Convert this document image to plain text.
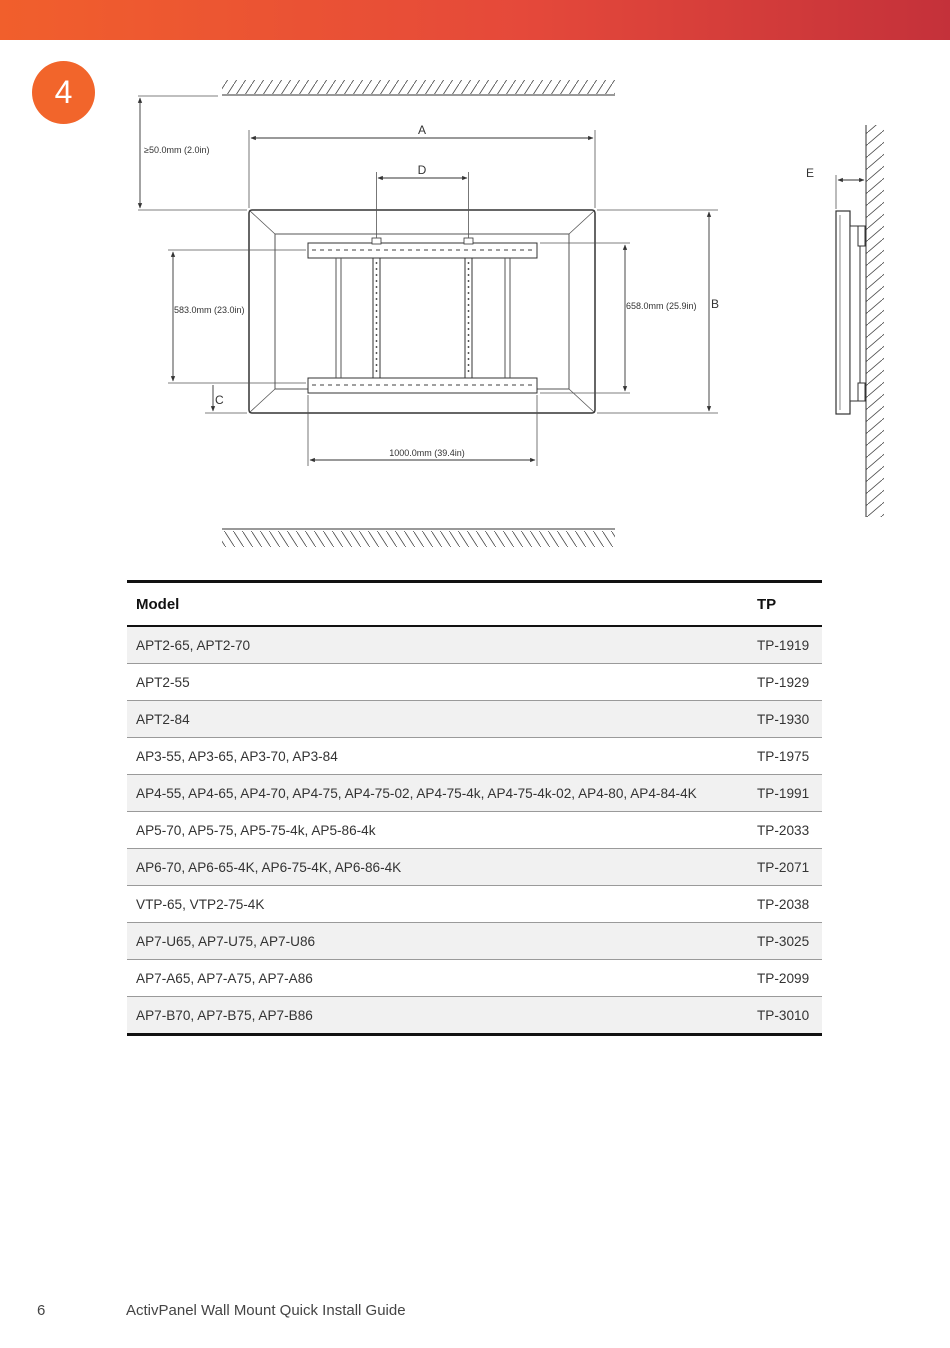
4
A
D
≥50.0mm (2.0in)
583.0mm (23.0in)
C
658.0mm (25.9in) B
1000.0mm (39.4in)
E
Model	TP
APT2-65, APT2-70	TP-1919
APT2-55	TP-1929
APT2-84	TP-1930
AP3-55, AP3-65, AP3-70, AP3-84	TP-1975
AP4-55, AP4-65, AP4-70, AP4-75, AP4-75-02, AP4-75-4k, AP4-75-4k-02, AP4-80, AP4-84-4K	TP-1991
AP5-70, AP5-75, AP5-75-4k, AP5-86-4k	TP-2033
AP6-70, AP6-65-4K, AP6-75-4K, AP6-86-4K	TP-2071
VTP-65, VTP2-75-4K	TP-2038
AP7-U65, AP7-U75, AP7-U86	TP-3025
AP7-A65, AP7-A75, AP7-A86	TP-2099
AP7-B70, AP7-B75, AP7-B86	TP-3010
6	ActivPanel Wall Mount Quick Install Guide
